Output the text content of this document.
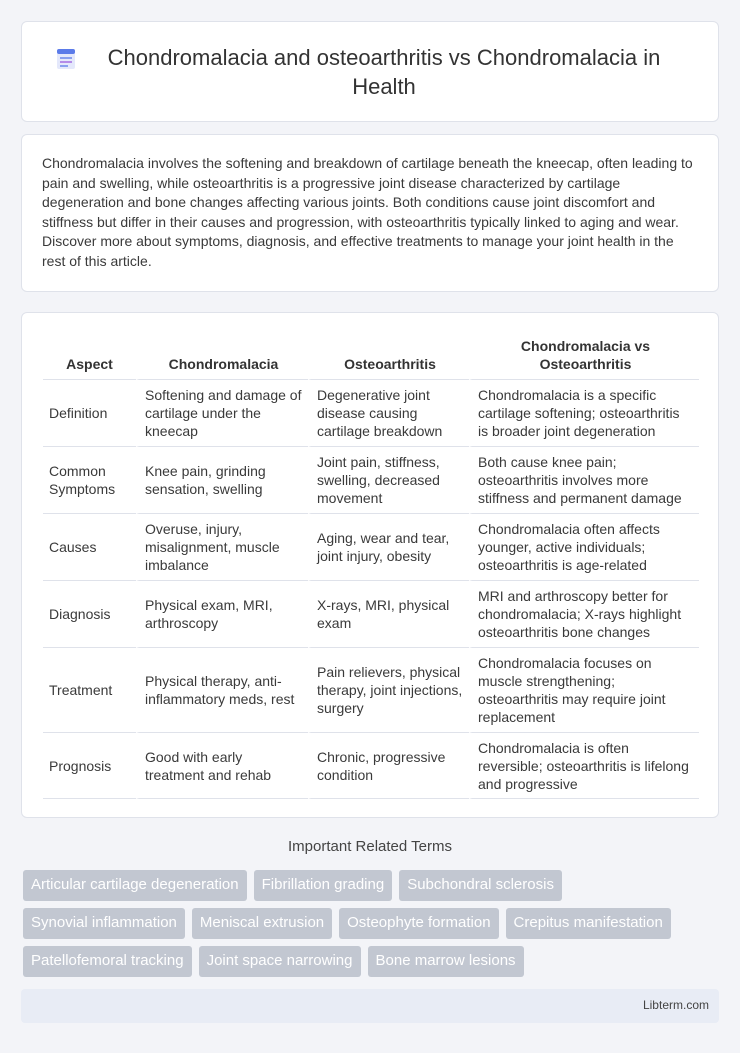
Chondromalacia and osteoarthritis vs Chondromalacia in Health

Chondromalacia involves the softening and breakdown of cartilage beneath the kneecap, often leading to pain and swelling, while osteoarthritis is a progressive joint disease characterized by cartilage degeneration and bone changes affecting various joints. Both conditions cause joint discomfort and stiffness but differ in their causes and progression, with osteoarthritis typically linked to aging and wear. Discover more about symptoms, diagnosis, and effective treatments to manage your joint health in the rest of this article.

Aspect	Chondromalacia	Osteoarthritis	Chondromalacia vs Osteoarthritis
Definition	Softening and damage of cartilage under the kneecap	Degenerative joint disease causing cartilage breakdown	Chondromalacia is a specific cartilage softening; osteoarthritis is broader joint degeneration
Common Symptoms	Knee pain, grinding sensation, swelling	Joint pain, stiffness, swelling, decreased movement	Both cause knee pain; osteoarthritis involves more stiffness and permanent damage
Causes	Overuse, injury, misalignment, muscle imbalance	Aging, wear and tear, joint injury, obesity	Chondromalacia often affects younger, active individuals; osteoarthritis is age-related
Diagnosis	Physical exam, MRI, arthroscopy	X-rays, MRI, physical exam	MRI and arthroscopy better for chondromalacia; X-rays highlight osteoarthritis bone changes
Treatment	Physical therapy, anti-inflammatory meds, rest	Pain relievers, physical therapy, joint injections, surgery	Chondromalacia focuses on muscle strengthening; osteoarthritis may require joint replacement
Prognosis	Good with early treatment and rehab	Chronic, progressive condition	Chondromalacia is often reversible; osteoarthritis is lifelong and progressive
Important Related Terms
Articular cartilage degeneration	Fibrillation grading	Subchondral sclerosis
Synovial inflammation	Meniscal extrusion	Osteophyte formation	Crepitus manifestation
Patellofemoral tracking	Joint space narrowing	Bone marrow lesions
Libterm.com
